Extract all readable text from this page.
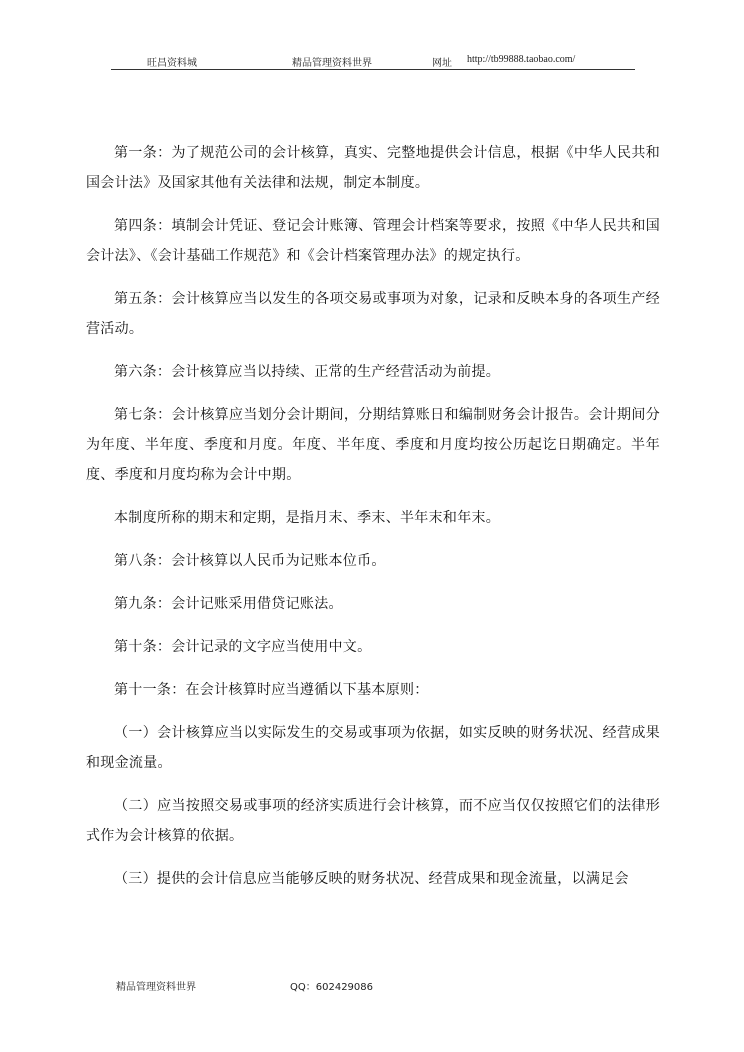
旺昌资料城	精品管理资料世界	网址 http://tb99888.taobao.com/

第一条：为了规范公司的会计核算，真实、完整地提供会计信息，根据《中华人民共和国会计法》及国家其他有关法律和法规，制定本制度。

第四条：填制会计凭证、登记会计账簿、管理会计档案等要求，按照《中华人民共和国会计法》、《会计基础工作规范》和《会计档案管理办法》的规定执行。

第五条：会计核算应当以发生的各项交易或事项为对象，记录和反映本身的各项生产经营活动。

第六条：会计核算应当以持续、正常的生产经营活动为前提。

第七条：会计核算应当划分会计期间，分期结算账日和编制财务会计报告。会计期间分为年度、半年度、季度和月度。年度、半年度、季度和月度均按公历起讫日期确定。半年度、季度和月度均称为会计中期。

本制度所称的期末和定期，是指月末、季末、半年末和年末。

第八条：会计核算以人民币为记账本位币。

第九条：会计记账采用借贷记账法。

第十条：会计记录的文字应当使用中文。

第十一条：在会计核算时应当遵循以下基本原则：

（一）会计核算应当以实际发生的交易或事项为依据，如实反映的财务状况、经营成果和现金流量。

（二）应当按照交易或事项的经济实质进行会计核算，而不应当仅仅按照它们的法律形式作为会计核算的依据。

（三）提供的会计信息应当能够反映的财务状况、经营成果和现金流量，以满足会

精品管理资料世界	QQ：602429086
